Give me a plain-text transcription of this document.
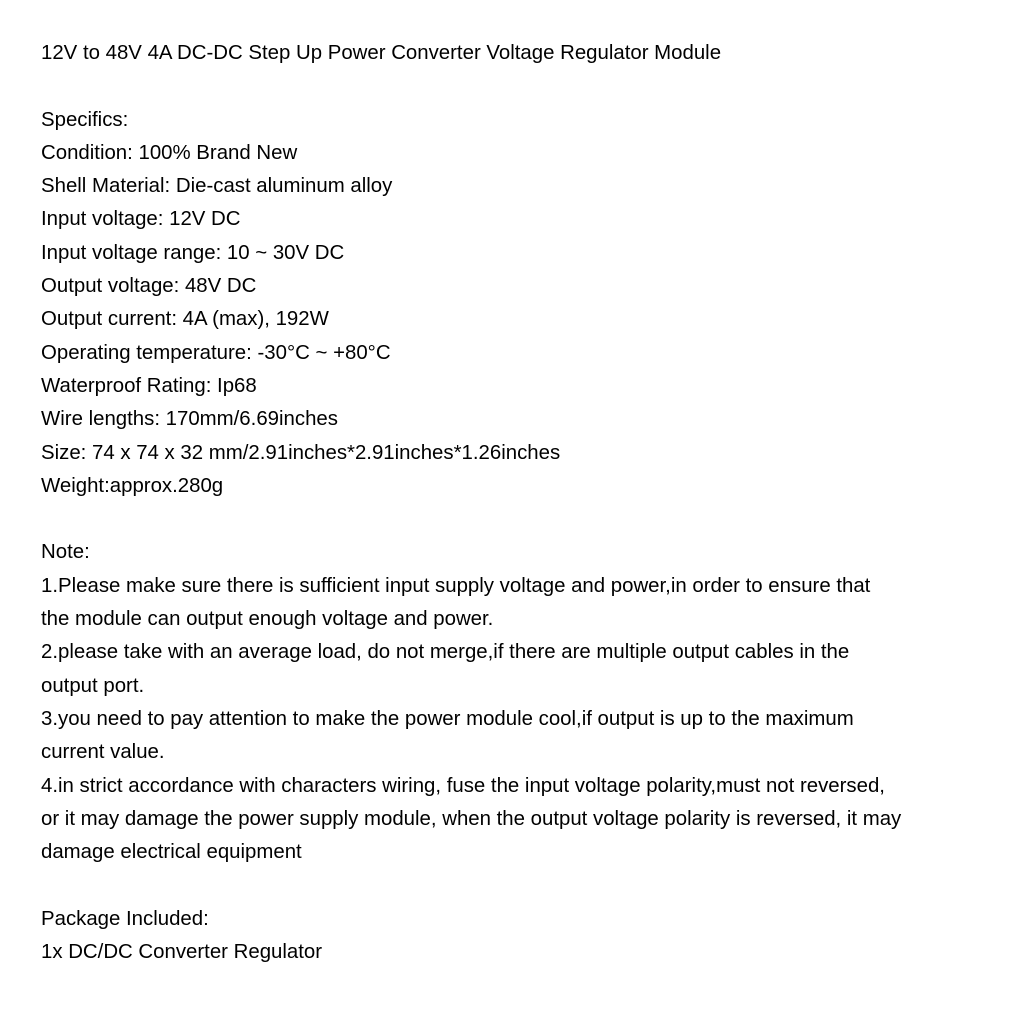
12V to 48V 4A DC-DC Step Up Power Converter Voltage Regulator Module
Specifics:
Condition: 100% Brand New
Shell Material: Die-cast aluminum alloy
Input voltage: 12V DC
Input voltage range: 10 ~ 30V DC
Output voltage: 48V DC
Output current: 4A (max), 192W
Operating temperature: -30°C ~ +80°C
Waterproof Rating: Ip68
Wire lengths: 170mm/6.69inches
Size: 74 x 74 x 32 mm/2.91inches*2.91inches*1.26inches
Weight:approx.280g
Note:
1.Please make sure there is sufficient input supply voltage and power,in order to ensure that
the module can output enough voltage and power.
2.please take with an average load, do not merge,if there are multiple output cables in the
output port.
3.you need to pay attention to make the power module cool,if output is up to the maximum
current value.
4.in strict accordance with characters wiring, fuse the input voltage polarity,must not reversed,
or it may damage the power supply module, when the output voltage polarity is reversed, it may
damage electrical equipment
Package Included:
1x DC/DC Converter Regulator
